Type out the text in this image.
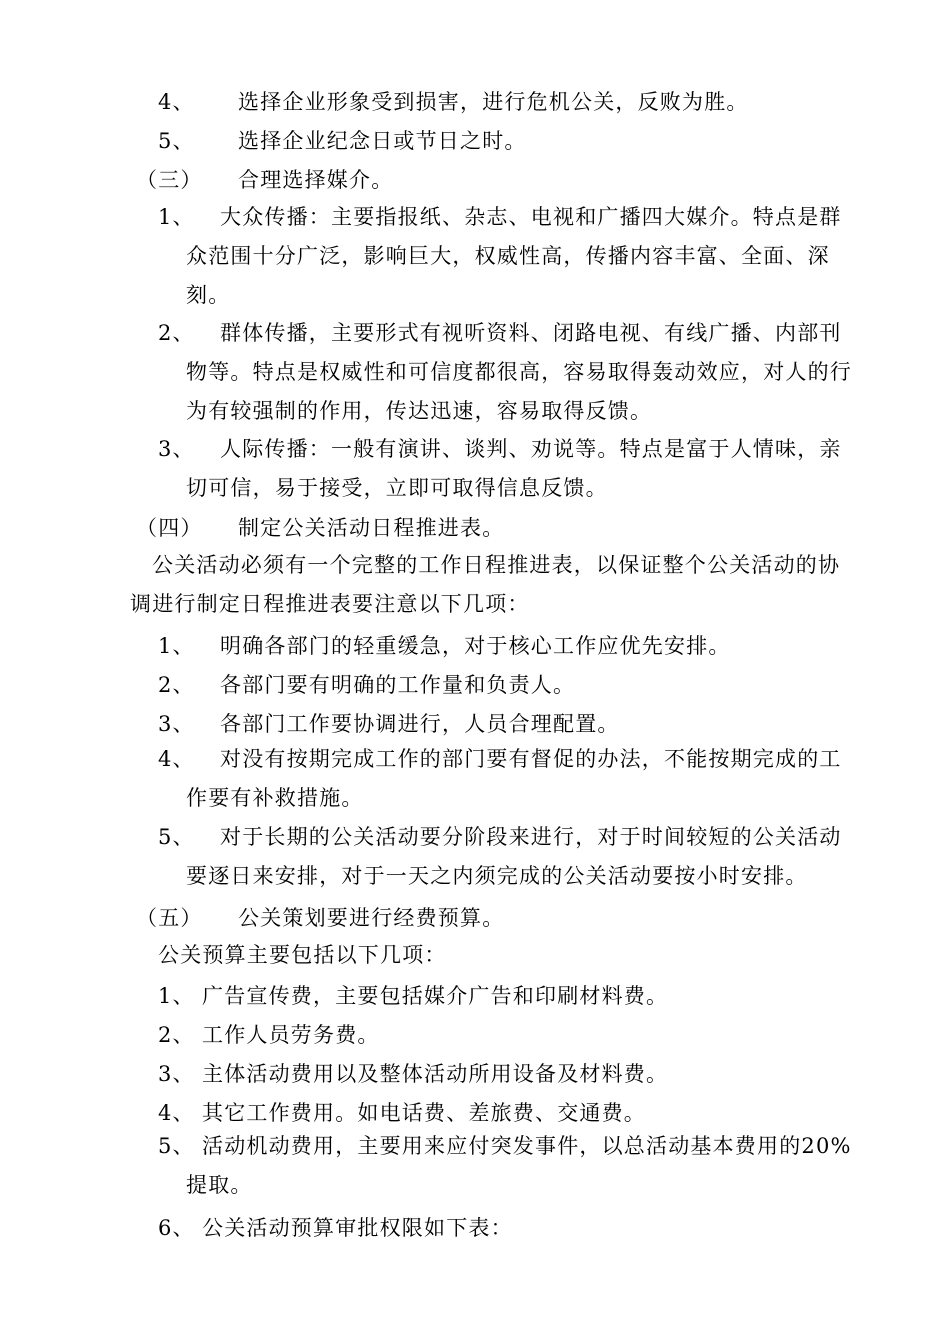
4、 选择企业形象受到损害，进行危机公关，反败为胜。
5、 选择企业纪念日或节日之时。
（三） 合理选择媒介。
1、	大众传播：主要指报纸、杂志、电视和广播四大媒介。特点是群众范围十分广泛，影响巨大，权威性高，传播内容丰富、全面、深刻。
2、	群体传播，主要形式有视听资料、闭路电视、有线广播、内部刊物等。特点是权威性和可信度都很高，容易取得轰动效应，对人的行为有较强制的作用，传达迅速，容易取得反馈。
3、	人际传播：一般有演讲、谈判、劝说等。特点是富于人情味，亲切可信，易于接受，立即可取得信息反馈。
（四） 制定公关活动日程推进表。
公关活动必须有一个完整的工作日程推进表，以保证整个公关活动的协调进行制定日程推进表要注意以下几项：
1、 明确各部门的轻重缓急，对于核心工作应优先安排。
2、 各部门要有明确的工作量和负责人。
3、 各部门工作要协调进行，人员合理配置。
4、	对没有按期完成工作的部门要有督促的办法，不能按期完成的工作要有补救措施。
5、	对于长期的公关活动要分阶段来进行，对于时间较短的公关活动要逐日来安排，对于一天之内须完成的公关活动要按小时安排。
（五） 公关策划要进行经费预算。
公关预算主要包括以下几项：
1、 广告宣传费，主要包括媒介广告和印刷材料费。
2、 工作人员劳务费。
3、 主体活动费用以及整体活动所用设备及材料费。
4、 其它工作费用。如电话费、差旅费、交通费。
5、 活动机动费用，主要用来应付突发事件，以总活动基本费用的20%提取。
6、 公关活动预算审批权限如下表：
